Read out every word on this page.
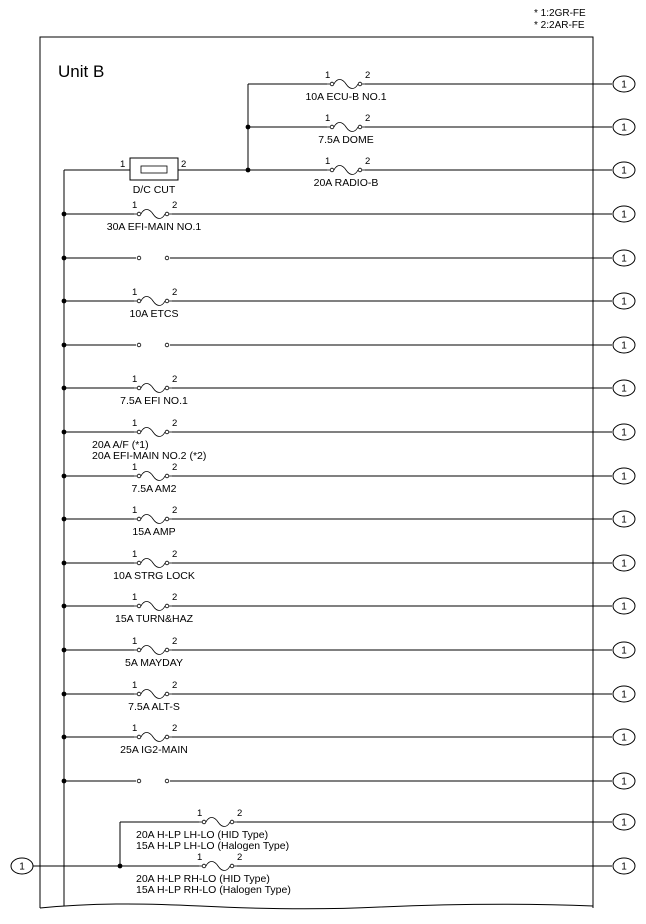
* 1:2GR-FE
* 2:2AR-FE
Unit B	1	2
10A ECU-B NO.1
1	2
7.5A DOME
1	2
20A RADIO-B
1	2
D/C CUT
1	2
30A EFI-MAIN NO.1
1	2
10A ETCS
1	2
7.5A EFI NO.1
1	2
20A A/F (*1)
20A EFI-MAIN NO.2 (*2)
1	2
7.5A AM2
1	2
15A AMP
1	2
10A STRG LOCK
1	2
15A TURN&HAZ
1	2
5A MAYDAY
1	2
7.5A ALT-S
1	2
25A IG2-MAIN
1	2
20A H-LP LH-LO (HID Type)
15A H-LP LH-LO (Halogen Type)
1	2
20A H-LP RH-LO (HID Type)
15A H-LP RH-LO (Halogen Type)
1
1
1
1
1
1
1
1
1
1
1
1
1
1
1
1
1
1
1
1
